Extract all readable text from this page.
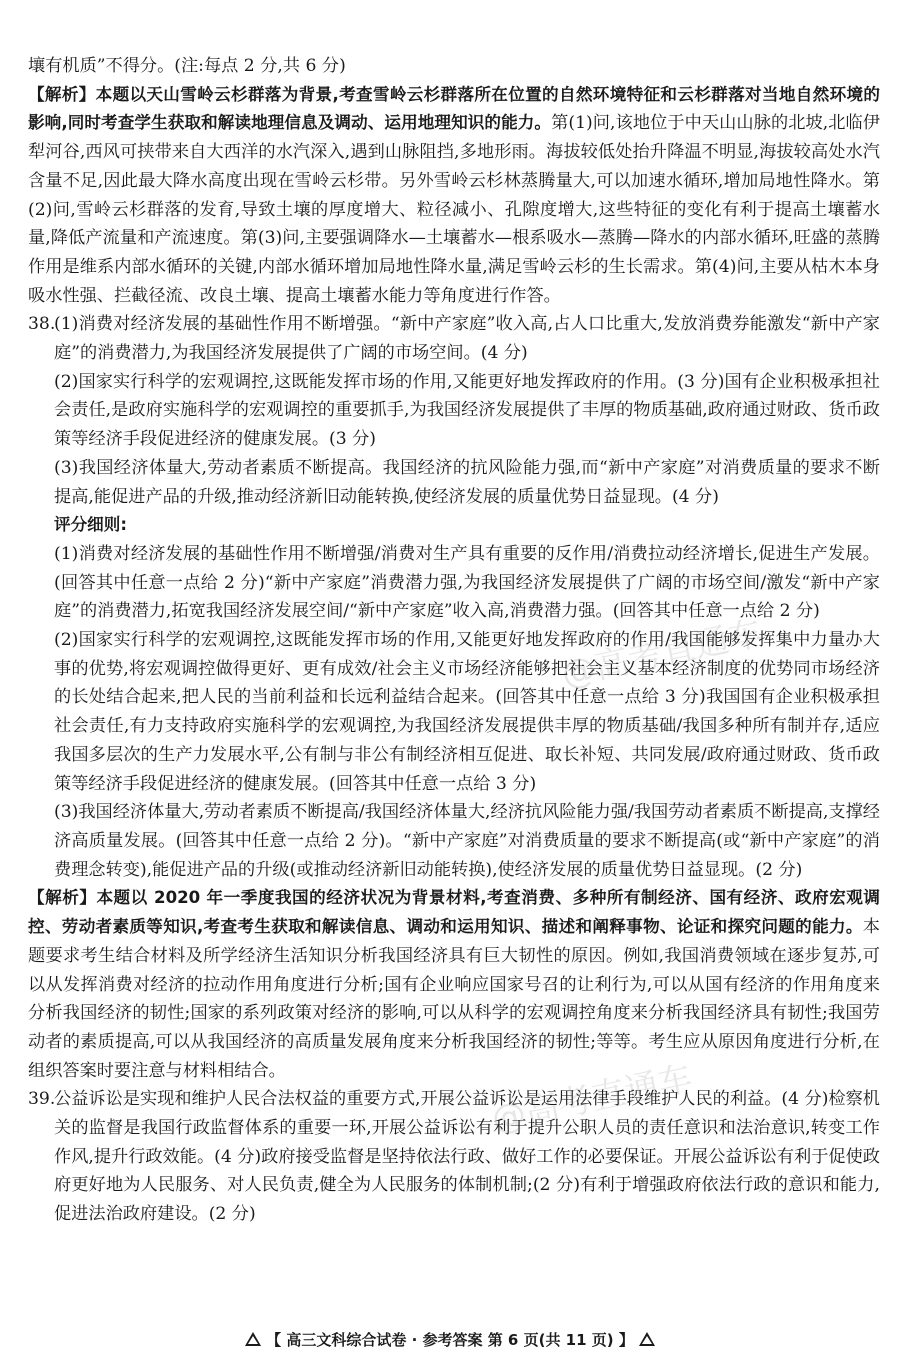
壤有机质”不得分。(注:每点 2 分,共 6 分)

【解析】本题以天山雪岭云杉群落为背景,考查雪岭云杉群落所在位置的自然环境特征和云杉群落对当地自然环境的影响,同时考查学生获取和解读地理信息及调动、运用地理知识的能力。第(1)问,该地位于中天山山脉的北坡,北临伊犁河谷,西风可挟带来自大西洋的水汽深入,遇到山脉阻挡,多地形雨。海拔较低处抬升降温不明显,海拔较高处水汽含量不足,因此最大降水高度出现在雪岭云杉带。另外雪岭云杉林蒸腾量大,可以加速水循环,增加局地性降水。第(2)问,雪岭云杉群落的发育,导致土壤的厚度增大、粒径减小、孔隙度增大,这些特征的变化有利于提高土壤蓄水量,降低产流量和产流速度。第(3)问,主要强调降水—土壤蓄水—根系吸水—蒸腾—降水的内部水循环,旺盛的蒸腾作用是维系内部水循环的关键,内部水循环增加局地性降水量,满足雪岭云杉的生长需求。第(4)问,主要从枯木本身吸水性强、拦截径流、改良土壤、提高土壤蓄水能力等角度进行作答。

38.

(1)消费对经济发展的基础性作用不断增强。“新中产家庭”收入高,占人口比重大,发放消费券能激发“新中产家庭”的消费潜力,为我国经济发展提供了广阔的市场空间。(4 分)

(2)国家实行科学的宏观调控,这既能发挥市场的作用,又能更好地发挥政府的作用。(3 分)国有企业积极承担社会责任,是政府实施科学的宏观调控的重要抓手,为我国经济发展提供了丰厚的物质基础,政府通过财政、货币政策等经济手段促进经济的健康发展。(3 分)

(3)我国经济体量大,劳动者素质不断提高。我国经济的抗风险能力强,而“新中产家庭”对消费质量的要求不断提高,能促进产品的升级,推动经济新旧动能转换,使经济发展的质量优势日益显现。(4 分)

评分细则:

(1)消费对经济发展的基础性作用不断增强/消费对生产具有重要的反作用/消费拉动经济增长,促进生产发展。(回答其中任意一点给 2 分)“新中产家庭”消费潜力强,为我国经济发展提供了广阔的市场空间/激发“新中产家庭”的消费潜力,拓宽我国经济发展空间/“新中产家庭”收入高,消费潜力强。(回答其中任意一点给 2 分)

(2)国家实行科学的宏观调控,这既能发挥市场的作用,又能更好地发挥政府的作用/我国能够发挥集中力量办大事的优势,将宏观调控做得更好、更有成效/社会主义市场经济能够把社会主义基本经济制度的优势同市场经济的长处结合起来,把人民的当前利益和长远利益结合起来。(回答其中任意一点给 3 分)我国国有企业积极承担社会责任,有力支持政府实施科学的宏观调控,为我国经济发展提供丰厚的物质基础/我国多种所有制并存,适应我国多层次的生产力发展水平,公有制与非公有制经济相互促进、取长补短、共同发展/政府通过财政、货币政策等经济手段促进经济的健康发展。(回答其中任意一点给 3 分)

(3)我国经济体量大,劳动者素质不断提高/我国经济体量大,经济抗风险能力强/我国劳动者素质不断提高,支撑经济高质量发展。(回答其中任意一点给 2 分)。“新中产家庭”对消费质量的要求不断提高(或“新中产家庭”的消费理念转变),能促进产品的升级(或推动经济新旧动能转换),使经济发展的质量优势日益显现。(2 分)

【解析】本题以 2020 年一季度我国的经济状况为背景材料,考查消费、多种所有制经济、国有经济、政府宏观调控、劳动者素质等知识,考查考生获取和解读信息、调动和运用知识、描述和阐释事物、论证和探究问题的能力。本题要求考生结合材料及所学经济生活知识分析我国经济具有巨大韧性的原因。例如,我国消费领域在逐步复苏,可以从发挥消费对经济的拉动作用角度进行分析;国有企业响应国家号召的让利行为,可以从国有经济的作用角度来分析我国经济的韧性;国家的系列政策对经济的影响,可以从科学的宏观调控角度来分析我国经济具有韧性;我国劳动者的素质提高,可以从我国经济的高质量发展角度来分析我国经济的韧性;等等。考生应从原因角度进行分析,在组织答案时要注意与材料相结合。

39.

公益诉讼是实现和维护人民合法权益的重要方式,开展公益诉讼是运用法律手段维护人民的利益。(4 分)检察机关的监督是我国行政监督体系的重要一环,开展公益诉讼有利于提升公职人员的责任意识和法治意识,转变工作作风,提升行政效能。(4 分)政府接受监督是坚持依法行政、做好工作的必要保证。开展公益诉讼有利于促使政府更好地为人民服务、对人民负责,健全为人民服务的体制机制;(2 分)有利于增强政府依法行政的意识和能力,促进法治政府建设。(2 分)

@高考直通车
@高考直通车
【 高三文科综合试卷 · 参考答案 第 6 页(共 11 页) 】
